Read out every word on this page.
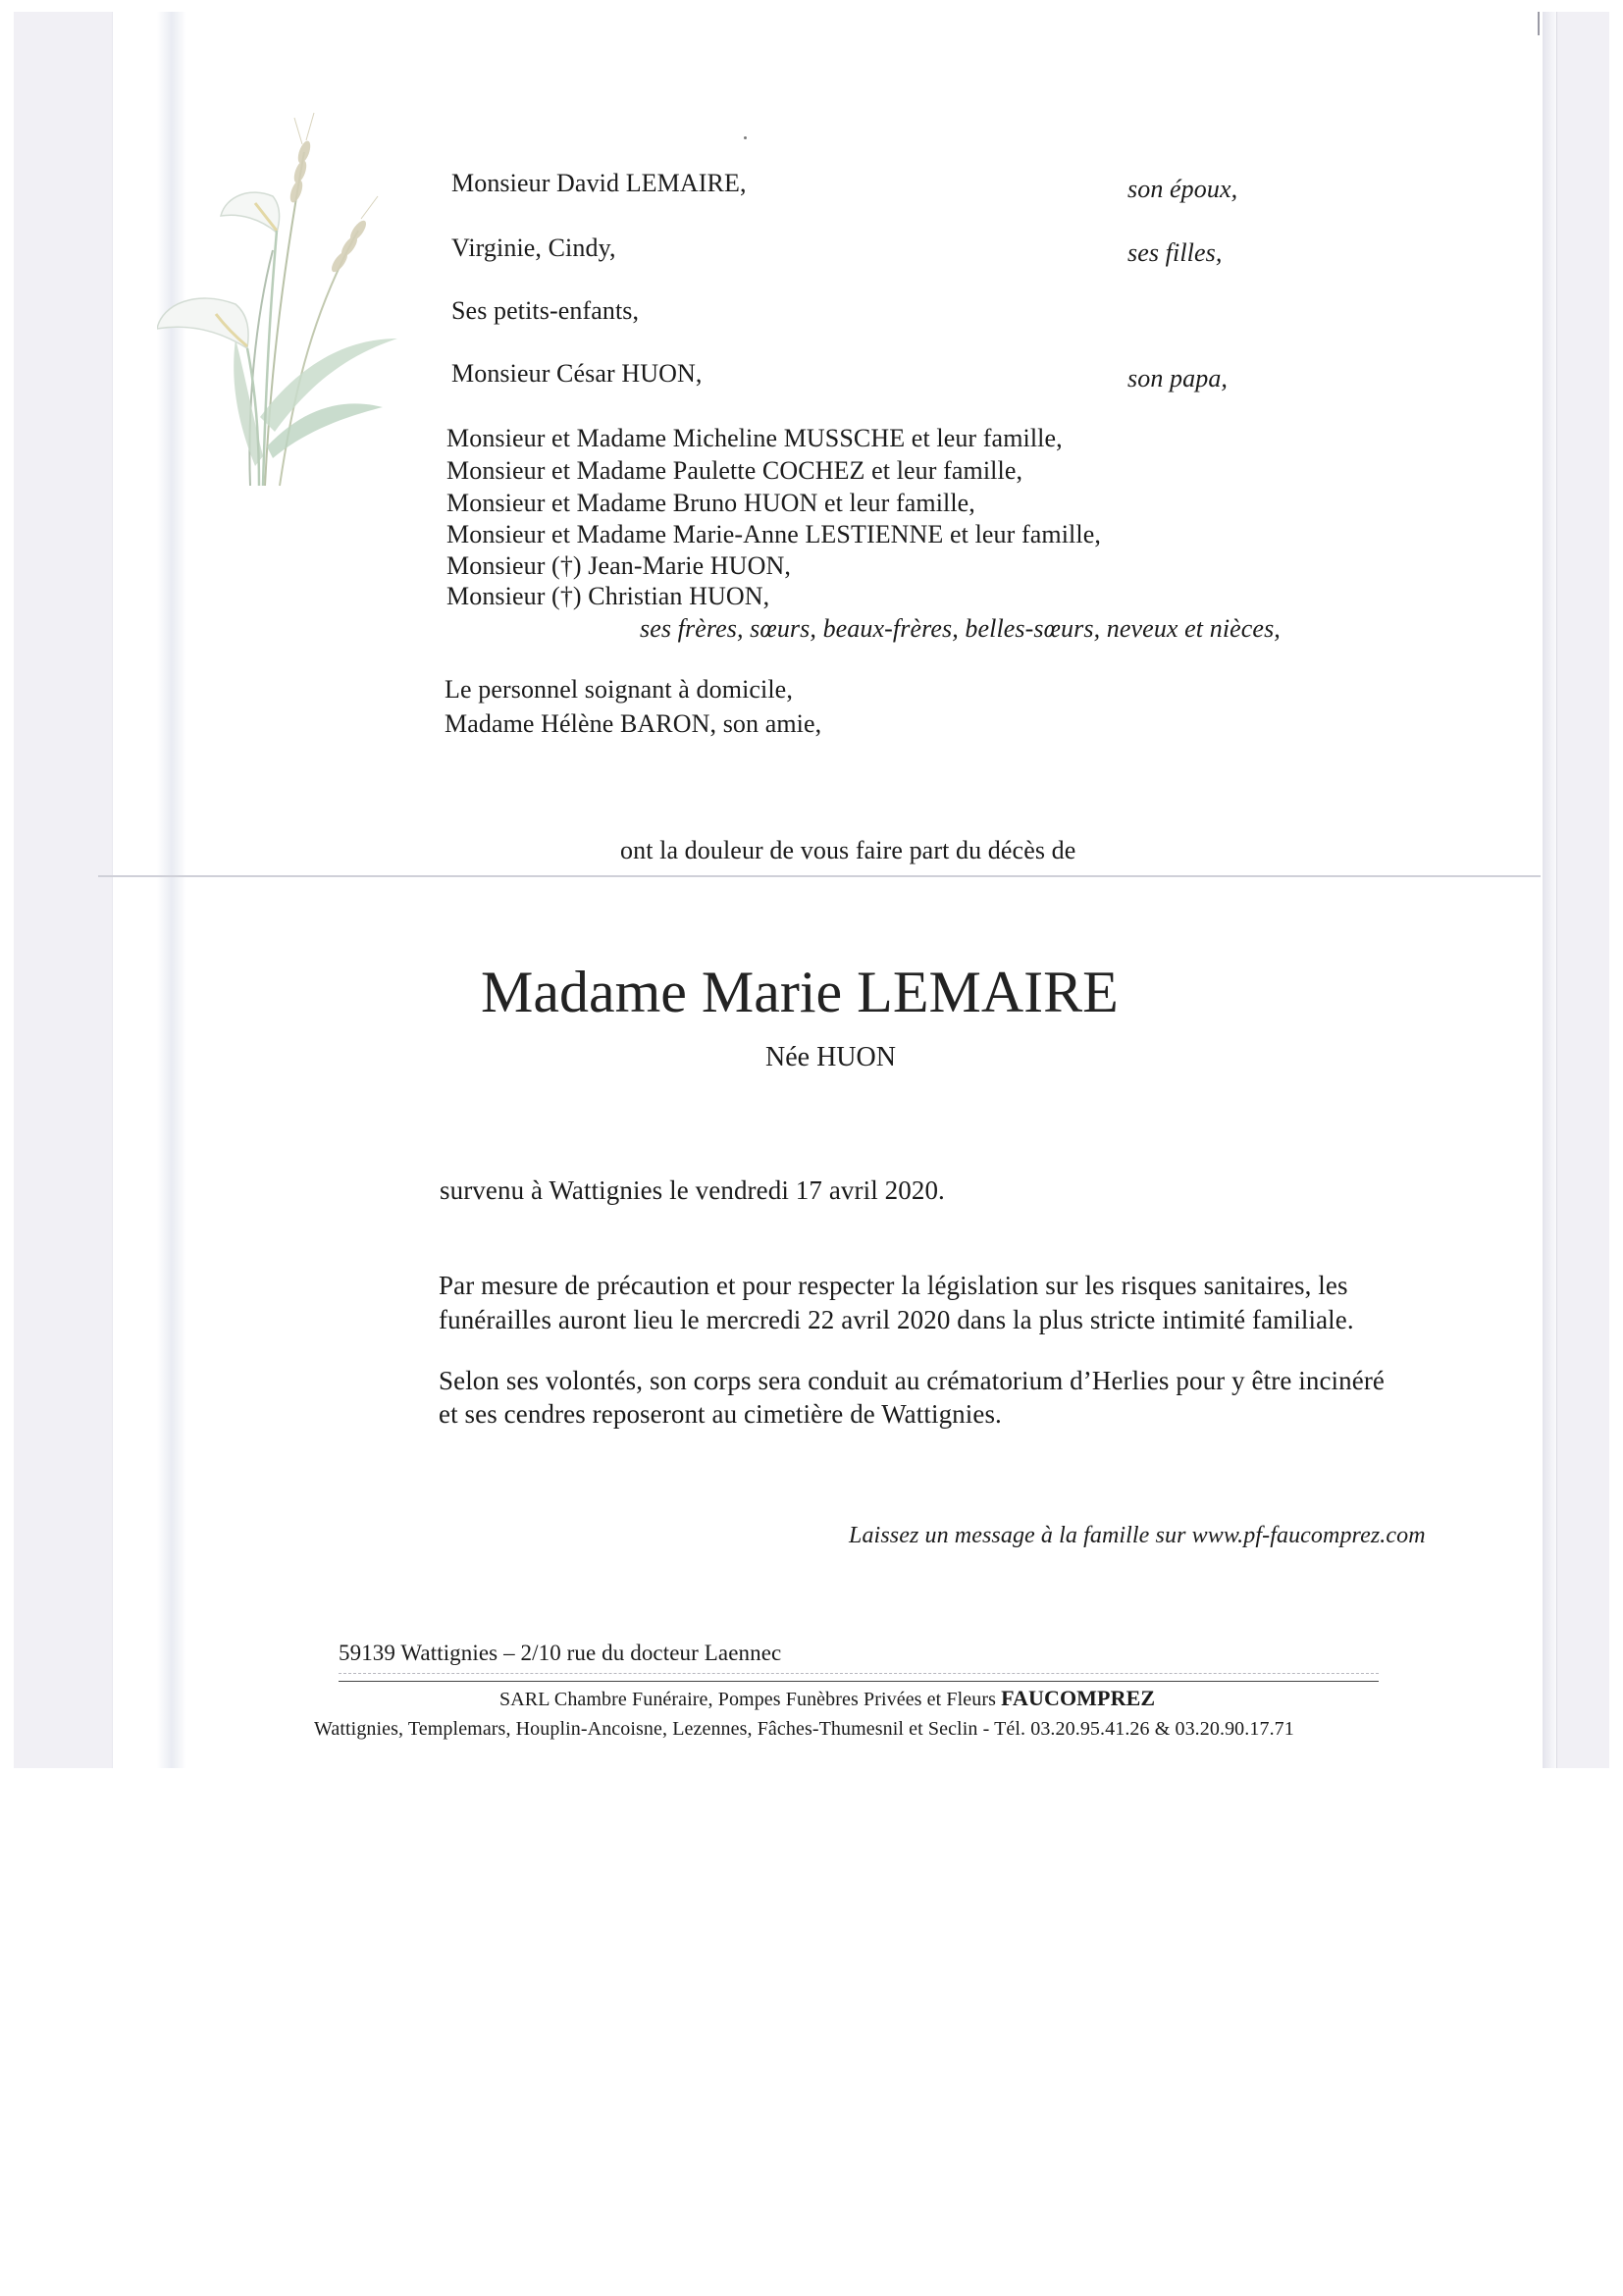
Monsieur David LEMAIRE,	son époux,
Virginie, Cindy,	ses filles,
Ses petits-enfants,
Monsieur César HUON,	son papa,
Monsieur et Madame Micheline MUSSCHE et leur famille,
Monsieur et Madame Paulette COCHEZ et leur famille,
Monsieur et Madame Bruno HUON et leur famille,
Monsieur et Madame Marie-Anne LESTIENNE et leur famille,
Monsieur (†) Jean-Marie HUON,
Monsieur (†) Christian HUON,
ses frères, sœurs, beaux-frères, belles-sœurs, neveux et nièces,
Le personnel soignant à domicile,
Madame Hélène BARON, son amie,
ont la douleur de vous faire part du décès de
Madame Marie LEMAIRE
Née HUON
survenu à Wattignies le vendredi 17 avril 2020.
Par mesure de précaution et pour respecter la législation sur les risques sanitaires, les
funérailles auront lieu le mercredi 22 avril 2020 dans la plus stricte intimité familiale.
Selon ses volontés, son corps sera conduit au crématorium d’Herlies pour y être incinéré
et ses cendres reposeront au cimetière de Wattignies.
Laissez un message à la famille sur www.pf-faucomprez.com
59139 Wattignies – 2/10 rue du docteur Laennec
SARL Chambre Funéraire, Pompes Funèbres Privées et Fleurs FAUCOMPREZ
Wattignies, Templemars, Houplin-Ancoisne, Lezennes, Fâches-Thumesnil et Seclin - Tél. 03.20.95.41.26 & 03.20.90.17.71
